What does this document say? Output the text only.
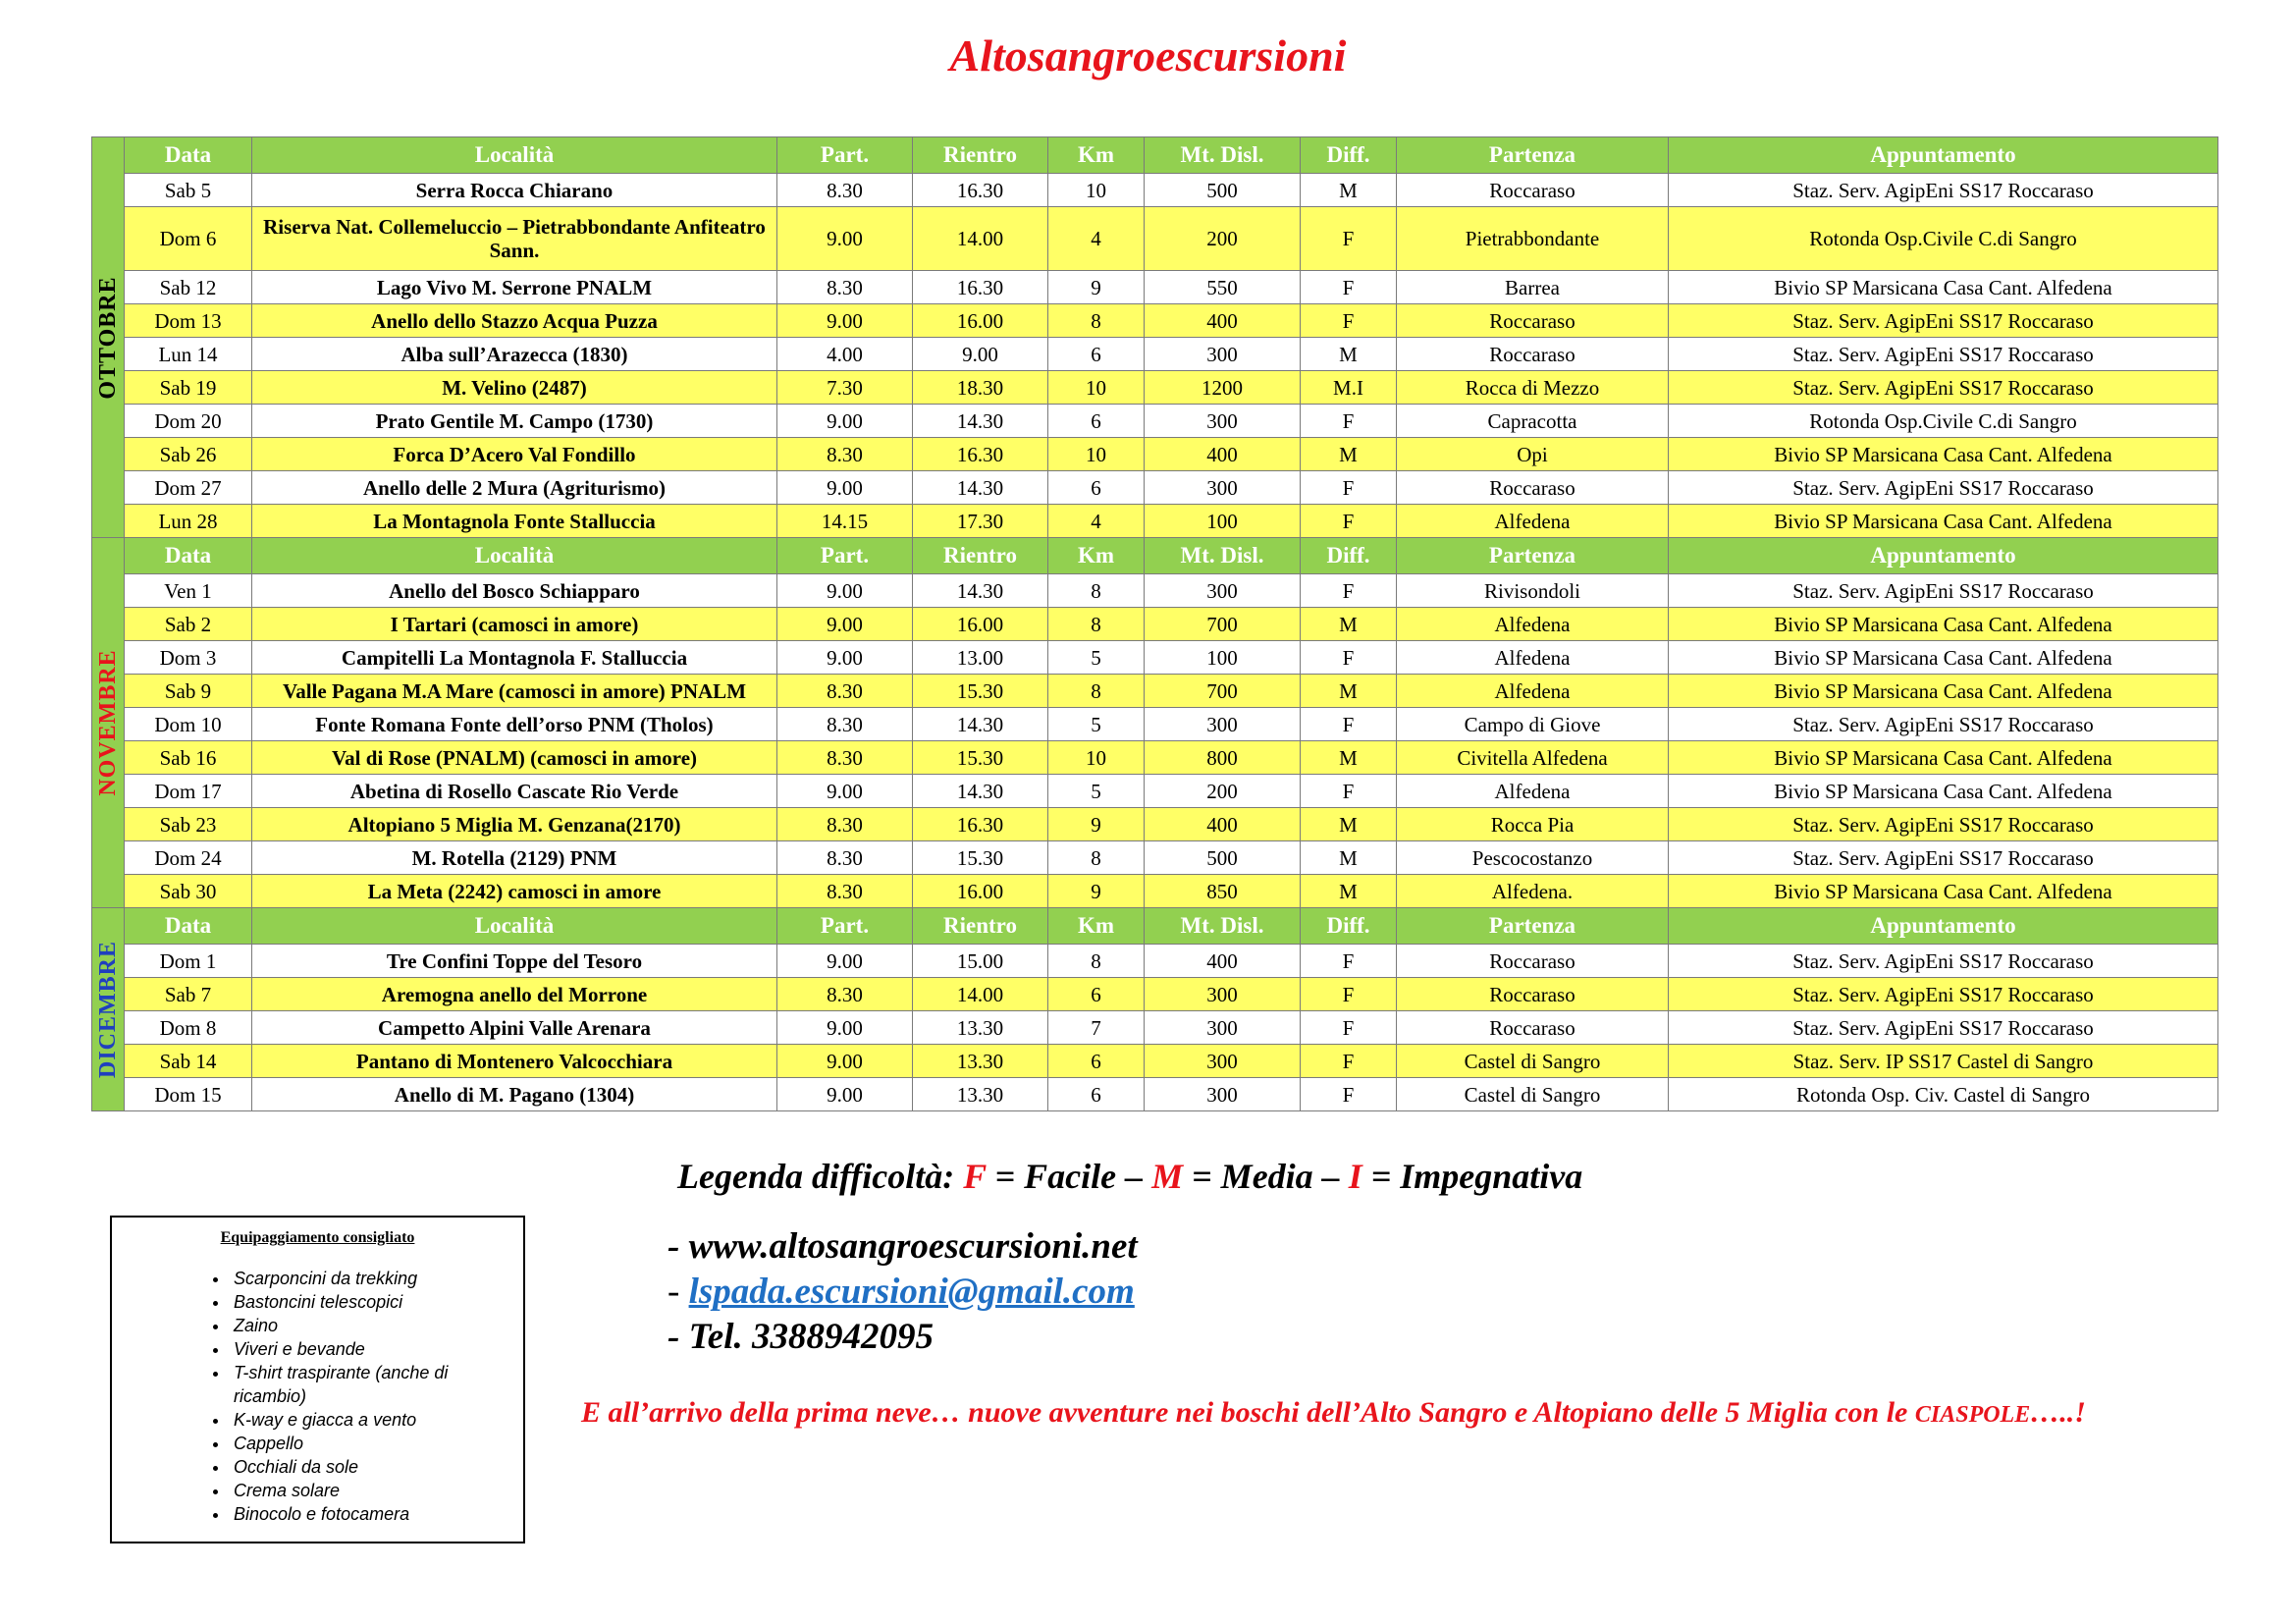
Altosangroescursioni
OTTOBRE	Data	Località	Part.	Rientro	Km	Mt. Disl.	Diff.	Partenza	Appuntamento
	Sab 5	Serra Rocca Chiarano	8.30	16.30	10	500	M	Roccaraso	Staz. Serv. AgipEni SS17 Roccaraso
	Dom 6	Riserva Nat. Collemeluccio – Pietrabbondante Anfiteatro Sann.	9.00	14.00	4	200	F	Pietrabbondante	Rotonda Osp.Civile C.di Sangro
	Sab 12	Lago Vivo M. Serrone PNALM	8.30	16.30	9	550	F	Barrea	Bivio SP Marsicana Casa Cant. Alfedena
	Dom 13	Anello dello Stazzo Acqua Puzza	9.00	16.00	8	400	F	Roccaraso	Staz. Serv. AgipEni SS17 Roccaraso
	Lun 14	Alba sull’Arazecca (1830)	4.00	9.00	6	300	M	Roccaraso	Staz. Serv. AgipEni SS17 Roccaraso
	Sab 19	M. Velino (2487)	7.30	18.30	10	1200	M.I	Rocca di Mezzo	Staz. Serv. AgipEni SS17 Roccaraso
	Dom 20	Prato Gentile M. Campo (1730)	9.00	14.30	6	300	F	Capracotta	Rotonda Osp.Civile C.di Sangro
	Sab 26	Forca D’Acero Val Fondillo	8.30	16.30	10	400	M	Opi	Bivio SP Marsicana Casa Cant. Alfedena
	Dom 27	Anello delle 2 Mura (Agriturismo)	9.00	14.30	6	300	F	Roccaraso	Staz. Serv. AgipEni SS17 Roccaraso
	Lun 28	La Montagnola Fonte Stalluccia	14.15	17.30	4	100	F	Alfedena	Bivio SP Marsicana Casa Cant. Alfedena

NOVEMBRE	Data	Località	Part.	Rientro	Km	Mt. Disl.	Diff.	Partenza	Appuntamento
	Ven 1	Anello del Bosco Schiapparo	9.00	14.30	8	300	F	Rivisondoli	Staz. Serv. AgipEni SS17 Roccaraso
	Sab 2	I Tartari (camosci in amore)	9.00	16.00	8	700	M	Alfedena	Bivio SP Marsicana Casa Cant. Alfedena
	Dom 3	Campitelli La Montagnola F. Stalluccia	9.00	13.00	5	100	F	Alfedena	Bivio SP Marsicana Casa Cant. Alfedena
	Sab 9	Valle Pagana M.A Mare (camosci in amore) PNALM	8.30	15.30	8	700	M	Alfedena	Bivio SP Marsicana Casa Cant. Alfedena
	Dom 10	Fonte Romana Fonte dell’orso PNM (Tholos)	8.30	14.30	5	300	F	Campo di Giove	Staz. Serv. AgipEni SS17 Roccaraso
	Sab 16	Val di Rose (PNALM) (camosci in amore)	8.30	15.30	10	800	M	Civitella Alfedena	Bivio SP Marsicana Casa Cant. Alfedena
	Dom 17	Abetina di Rosello Cascate Rio Verde	9.00	14.30	5	200	F	Alfedena	Bivio SP Marsicana Casa Cant. Alfedena
	Sab 23	Altopiano 5 Miglia M. Genzana(2170)	8.30	16.30	9	400	M	Rocca Pia	Staz. Serv. AgipEni SS17 Roccaraso
	Dom 24	M. Rotella (2129) PNM	8.30	15.30	8	500	M	Pescocostanzo	Staz. Serv. AgipEni SS17 Roccaraso
	Sab 30	La Meta (2242) camosci in amore	8.30	16.00	9	850	M	Alfedena.	Bivio SP Marsicana Casa Cant. Alfedena

DICEMBRE	Data	Località	Part.	Rientro	Km	Mt. Disl.	Diff.	Partenza	Appuntamento
	Dom 1	Tre Confini Toppe del Tesoro	9.00	15.00	8	400	F	Roccaraso	Staz. Serv. AgipEni SS17 Roccaraso
	Sab 7	Aremogna anello del Morrone	8.30	14.00	6	300	F	Roccaraso	Staz. Serv. AgipEni SS17 Roccaraso
	Dom 8	Campetto Alpini Valle Arenara	9.00	13.30	7	300	F	Roccaraso	Staz. Serv. AgipEni SS17 Roccaraso
	Sab 14	Pantano di Montenero Valcocchiara	9.00	13.30	6	300	F	Castel di Sangro	Staz. Serv. IP SS17 Castel di Sangro
	Dom 15	Anello di M. Pagano (1304)	9.00	13.30	6	300	F	Castel di Sangro	Rotonda Osp. Civ. Castel di Sangro
Legenda difficoltà: F = Facile – M = Media – I = Impegnativa
- www.altosangroescursioni.net
- lspada.escursioni@gmail.com
- Tel. 3388942095
E all’arrivo della prima neve… nuove avventure nei boschi dell’Alto Sangro e Altopiano delle 5 Miglia con le CIASPOLE…..!
Equipaggiamento consigliato
• Scarponcini da trekking
• Bastoncini telescopici
• Zaino
• Viveri e bevande
• T-shirt traspirante (anche di ricambio)
• K-way e giacca a vento
• Cappello
• Occhiali da sole
• Crema solare
• Binocolo e fotocamera
